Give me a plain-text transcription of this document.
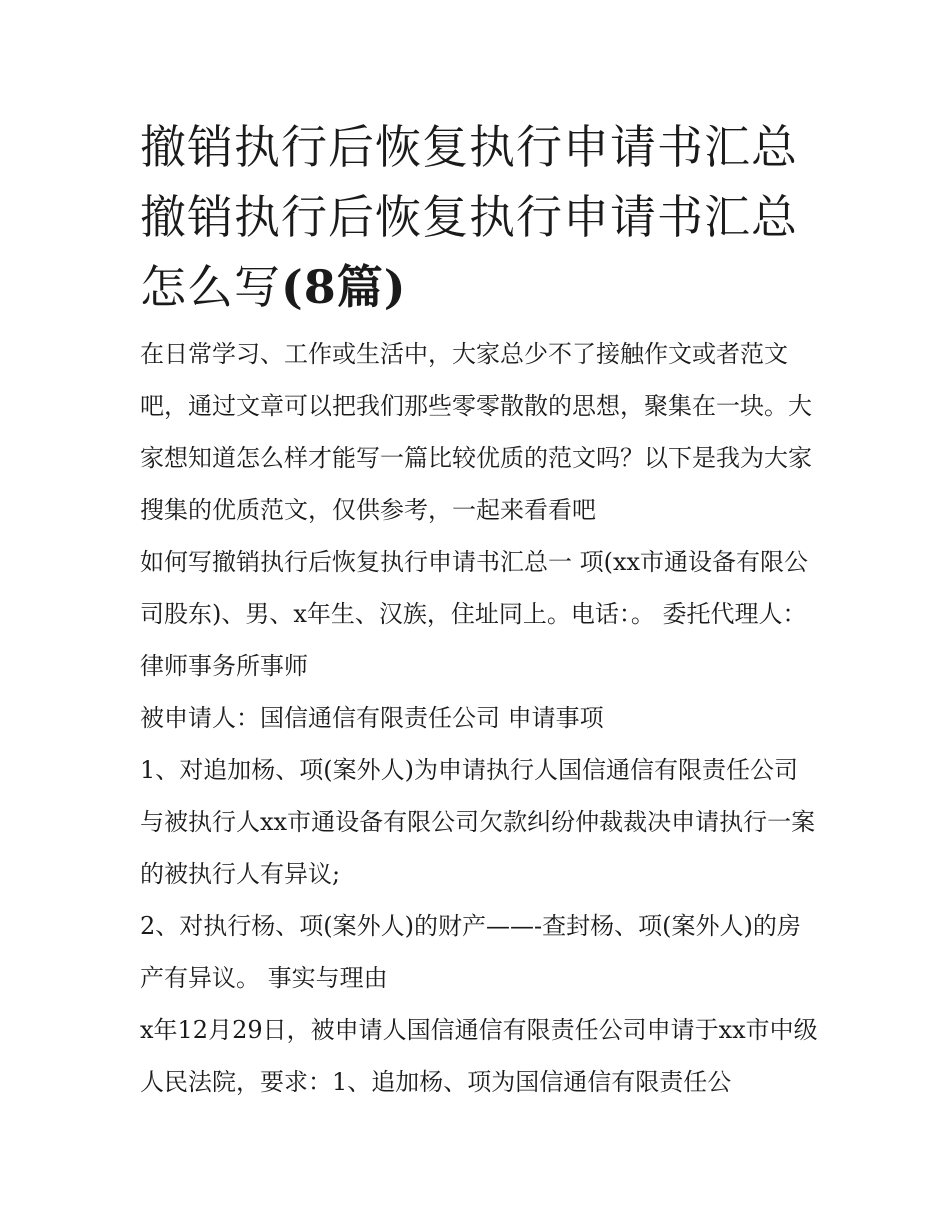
撤销执行后恢复执行申请书汇总 撤销执行后恢复执行申请书汇总怎么写(8篇)

在日常学习、工作或生活中，大家总少不了接触作文或者范文吧，通过文章可以把我们那些零零散散的思想，聚集在一块。大家想知道怎么样才能写一篇比较优质的范文吗？以下是我为大家搜集的优质范文，仅供参考，一起来看看吧

如何写撤销执行后恢复执行申请书汇总一 项(xx市通设备有限公司股东)、男、x年生、汉族，住址同上。电话：。 委托代理人：律师事务所事师

被申请人：国信通信有限责任公司 申请事项

1、对追加杨、项(案外人)为申请执行人国信通信有限责任公司与被执行人xx市通设备有限公司欠款纠纷仲裁裁决申请执行一案的被执行人有异议;

2、对执行杨、项(案外人)的财产——-查封杨、项(案外人)的房产有异议。 事实与理由

x年12月29日，被申请人国信通信有限责任公司申请于xx市中级人民法院，要求：1、追加杨、项为国信通信有限责任公
